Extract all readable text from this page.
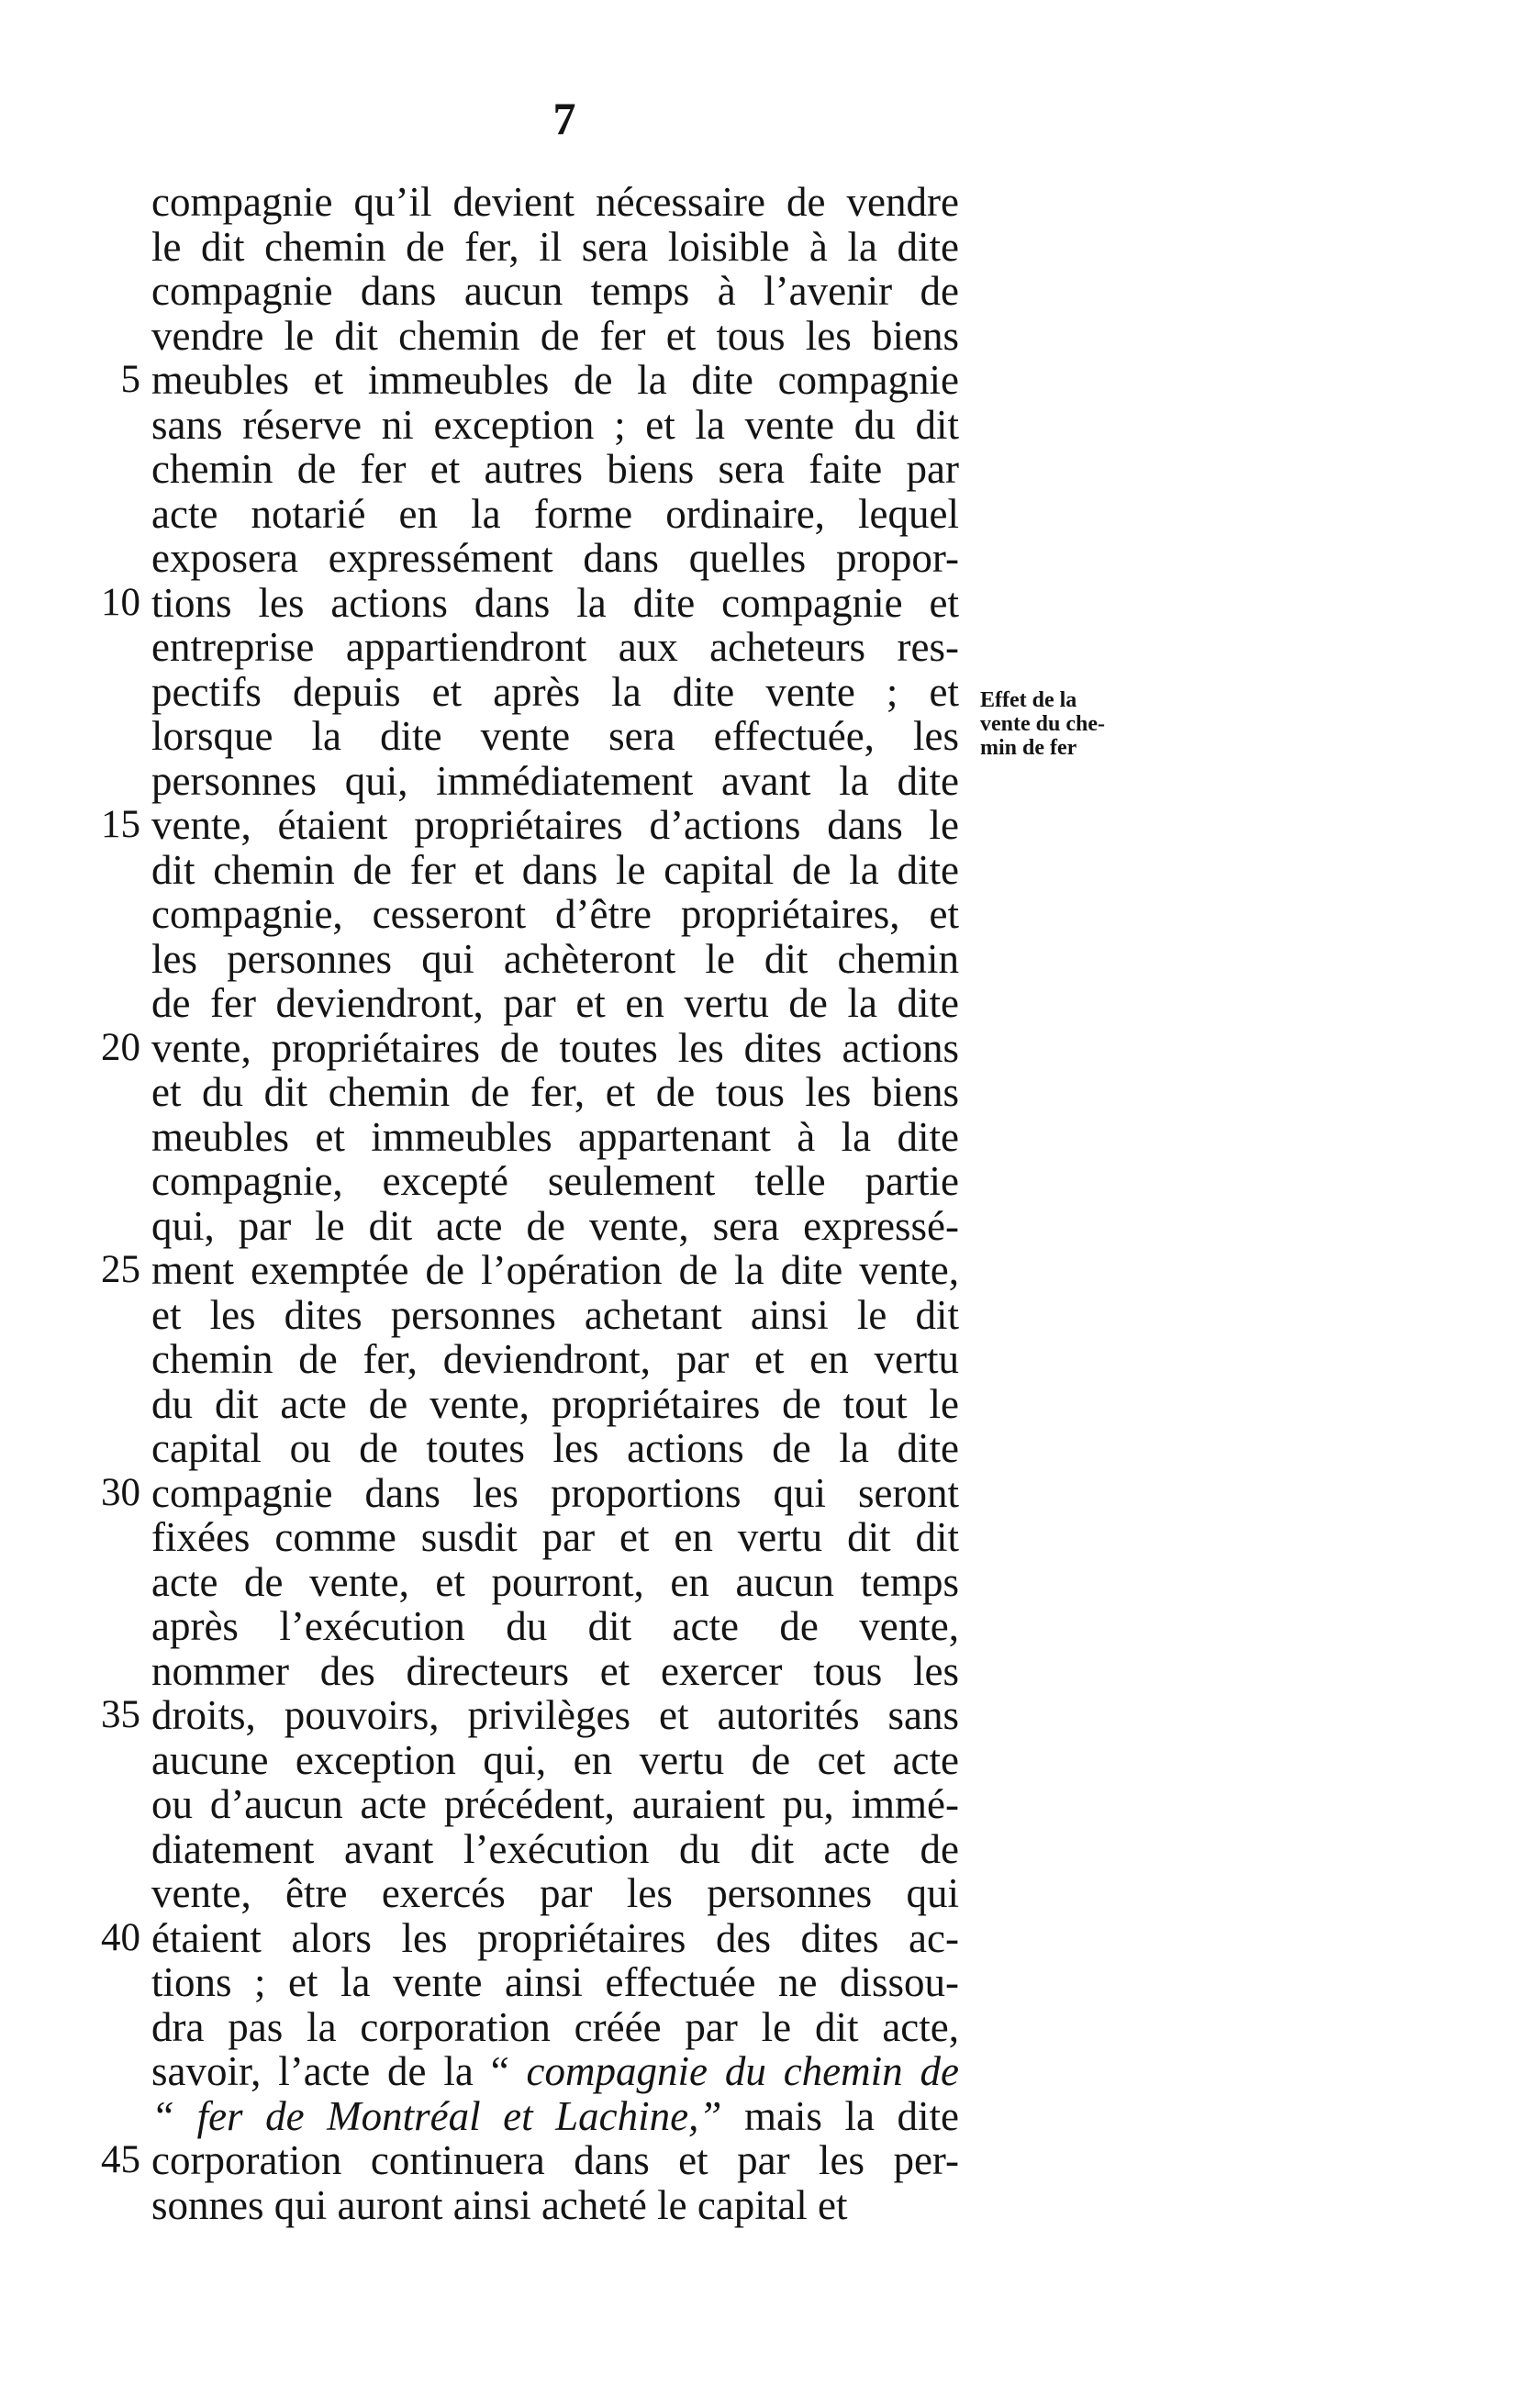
7
compagnie qu’il devient nécessaire de vendre
le dit chemin de fer, il sera loisible à la dite
compagnie dans aucun temps à l’avenir de
vendre le dit chemin de fer et tous les biens
5 meubles et immeubles de la dite compagnie
sans réserve ni exception ; et la vente du dit
chemin de fer et autres biens sera faite par
acte notarié en la forme ordinaire, lequel
exposera expressément dans quelles propor-
10 tions les actions dans la dite compagnie et
entreprise appartiendront aux acheteurs res-
pectifs depuis et après la dite vente ; et
lorsque la dite vente sera effectuée, les
personnes qui, immédiatement avant la dite
15 vente, étaient propriétaires d’actions dans le
dit chemin de fer et dans le capital de la dite
compagnie, cesseront d’être propriétaires, et
les personnes qui achèteront le dit chemin
de fer deviendront, par et en vertu de la dite
20 vente, propriétaires de toutes les dites actions
et du dit chemin de fer, et de tous les biens
meubles et immeubles appartenant à la dite
compagnie, excepté seulement telle partie
qui, par le dit acte de vente, sera expressé-
25 ment exemptée de l’opération de la dite vente,
et les dites personnes achetant ainsi le dit
chemin de fer, deviendront, par et en vertu
du dit acte de vente, propriétaires de tout le
capital ou de toutes les actions de la dite
30 compagnie dans les proportions qui seront
fixées comme susdit par et en vertu dit dit
acte de vente, et pourront, en aucun temps
après l’exécution du dit acte de vente,
nommer des directeurs et exercer tous les
35 droits, pouvoirs, privilèges et autorités sans
aucune exception qui, en vertu de cet acte
ou d’aucun acte précédent, auraient pu, immé-
diatement avant l’exécution du dit acte de
vente, être exercés par les personnes qui
40 étaient alors les propriétaires des dites ac-
tions ; et la vente ainsi effectuée ne dissou-
dra pas la corporation créée par le dit acte,
savoir, l’acte de la “ compagnie du chemin de
“ fer de Montréal et Lachine,” mais la dite
45 corporation continuera dans et par les per-
sonnes qui auront ainsi acheté le capital et
Effet de la
vente du che-
min de fer
